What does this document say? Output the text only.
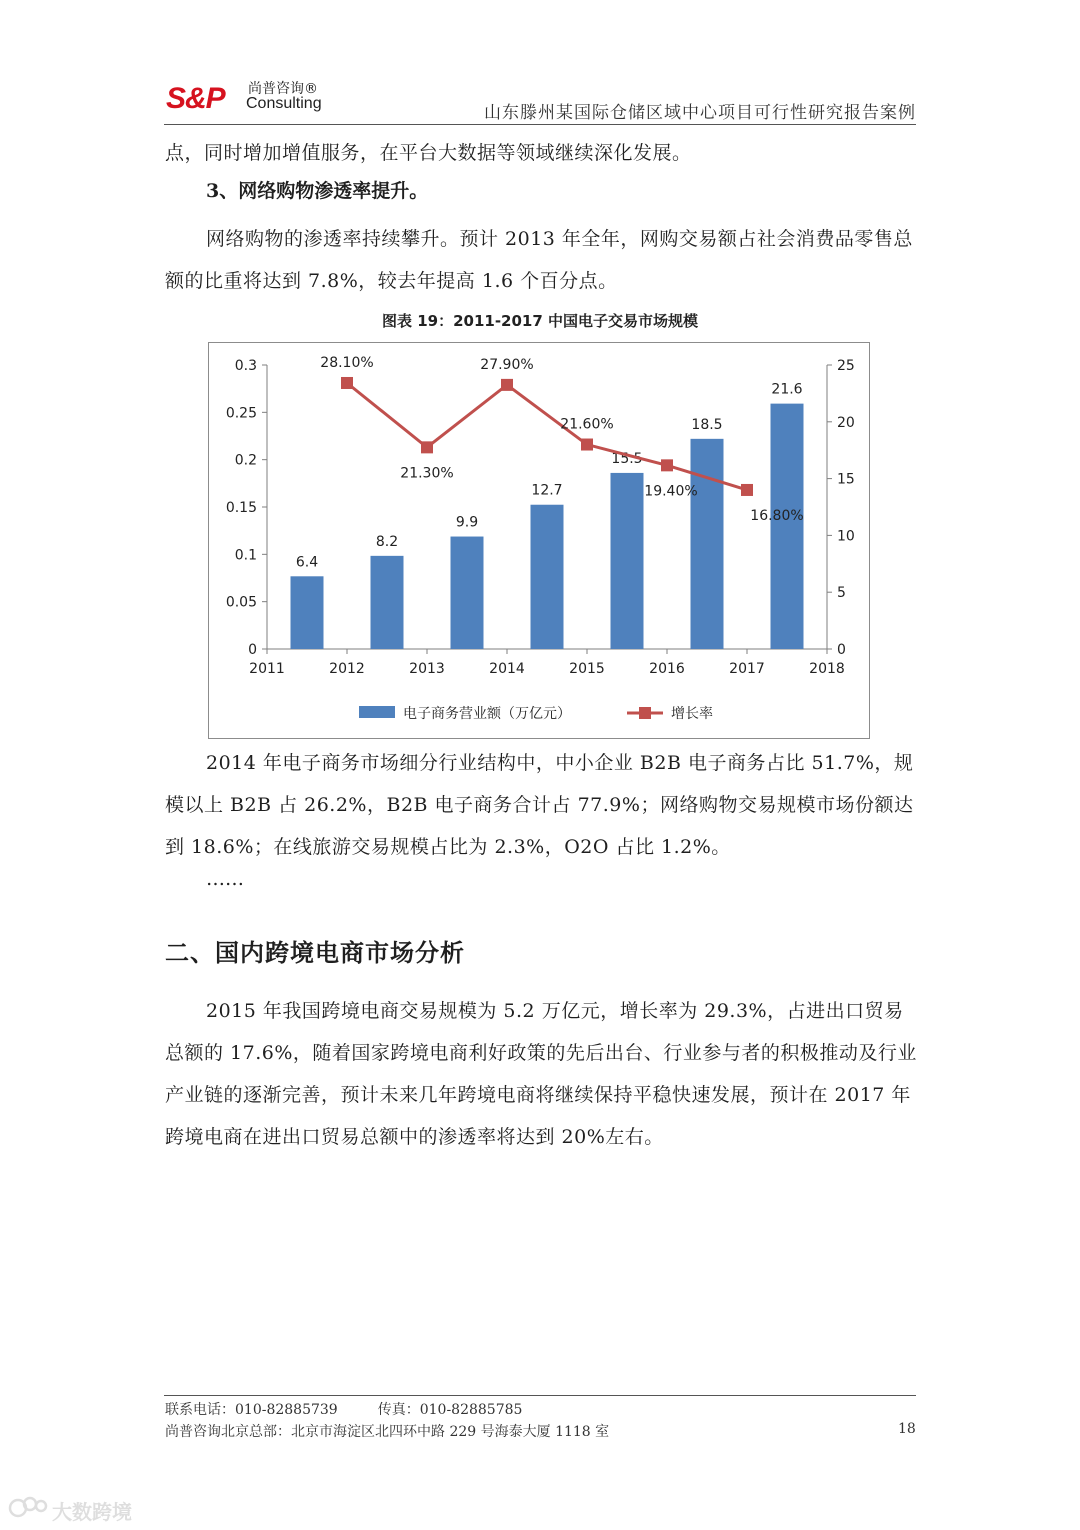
S&P 尚普咨询®
Consulting	山东滕州某国际仓储区域中心项目可行性研究报告案例
点，同时增加增值服务，在平台大数据等领域继续深化发展。
3、网络购物渗透率提升。
网络购物的渗透率持续攀升。预计 2013 年全年，网购交易额占社会消费品零售总额的比重将达到 7.8%，较去年提高 1.6 个百分点。
图表 19：2011-2017 中国电子交易市场规模
0
0.05
0.1
0.15
0.2
0.25
0.3
0
5
10
15
20
25
2011	2012	2013	2014	2015	2016	2017	2018
6.4
8.2
9.9
12.7
15.5
18.5
21.6
28.10%
21.30%
27.90%
21.60%
19.40%
16.80%
电子商务营业额（万亿元）	增长率
2014 年电子商务市场细分行业结构中，中小企业 B2B 电子商务占比 51.7%，规模以上 B2B 占 26.2%，B2B 电子商务合计占 77.9%；网络购物交易规模市场份额达到 18.6%；在线旅游交易规模占比为 2.3%，O2O 占比 1.2%。
……
二、国内跨境电商市场分析
2015 年我国跨境电商交易规模为 5.2 万亿元，增长率为 29.3%，占进出口贸易总额的 17.6%，随着国家跨境电商利好政策的先后出台、行业参与者的积极推动及行业产业链的逐渐完善，预计未来几年跨境电商将继续保持平稳快速发展，预计在 2017 年跨境电商在进出口贸易总额中的渗透率将达到 20%左右。
联系电话：010-82885739	传真：010-82885785
尚普咨询北京总部：北京市海淀区北四环中路 229 号海泰大厦 1118 室	18
大数跨境
